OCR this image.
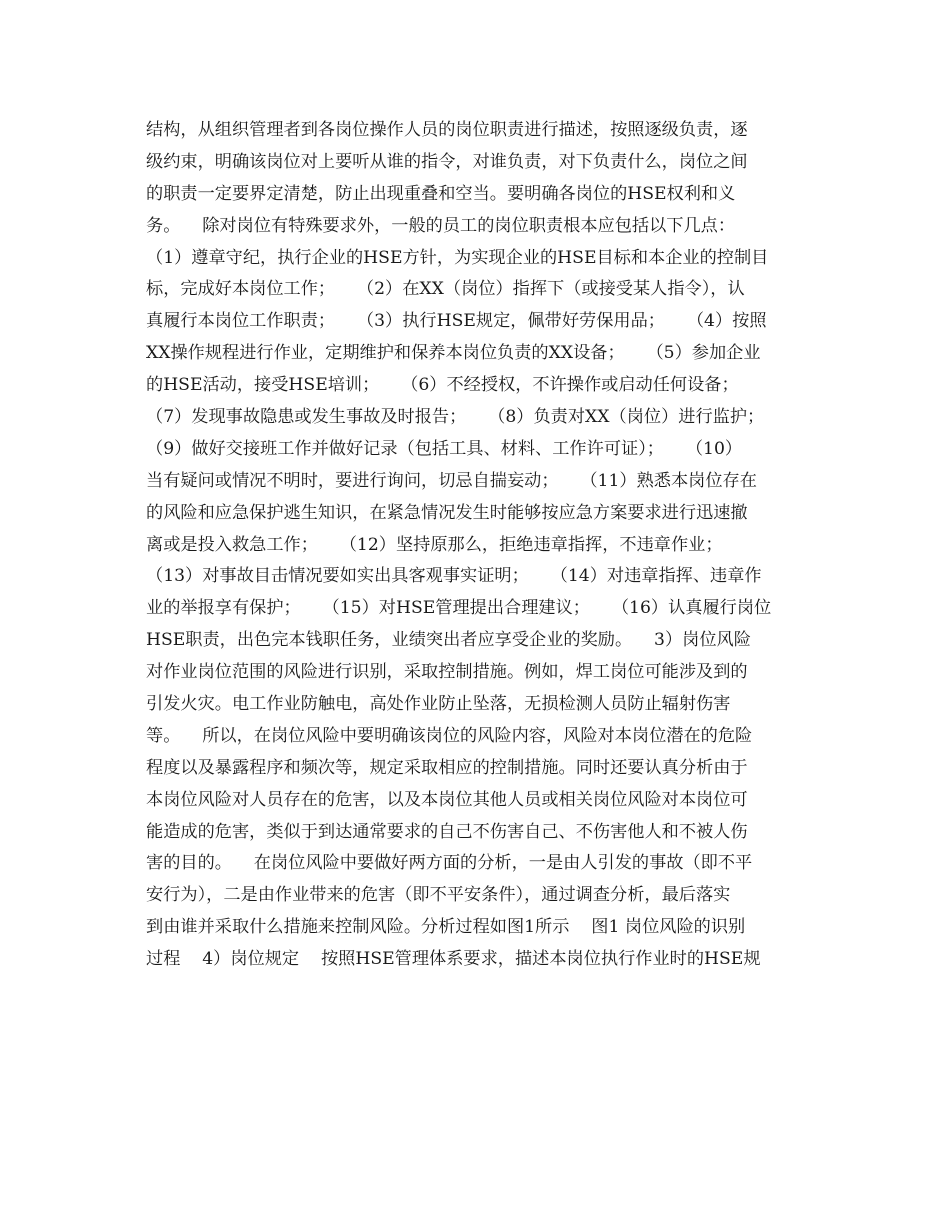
结构，从组织管理者到各岗位操作人员的岗位职责进行描述，按照逐级负责，逐
级约束，明确该岗位对上要听从谁的指令，对谁负责，对下负责什么，岗位之间
的职责一定要界定清楚，防止出现重叠和空当。要明确各岗位的HSE权利和义
务。    除对岗位有特殊要求外，一般的员工的岗位职责根本应包括以下几点：
（1）遵章守纪，执行企业的HSE方针，为实现企业的HSE目标和本企业的控制目
标，完成好本岗位工作；    （2）在XX（岗位）指挥下（或接受某人指令），认
真履行本岗位工作职责；    （3）执行HSE规定，佩带好劳保用品；    （4）按照
XX操作规程进行作业，定期维护和保养本岗位负责的XX设备；    （5）参加企业
的HSE活动，接受HSE培训；    （6）不经授权，不许操作或启动任何设备；
（7）发现事故隐患或发生事故及时报告；    （8）负责对XX（岗位）进行监护；
（9）做好交接班工作并做好记录（包括工具、材料、工作许可证）；    （10）
当有疑问或情况不明时，要进行询问，切忌自揣妄动；    （11）熟悉本岗位存在
的风险和应急保护逃生知识，在紧急情况发生时能够按应急方案要求进行迅速撤
离或是投入救急工作；    （12）坚持原那么，拒绝违章指挥，不违章作业；
（13）对事故目击情况要如实出具客观事实证明；    （14）对违章指挥、违章作
业的举报享有保护；    （15）对HSE管理提出合理建议；    （16）认真履行岗位
HSE职责，出色完本钱职任务，业绩突出者应享受企业的奖励。    3）岗位风险
对作业岗位范围的风险进行识别，采取控制措施。例如，焊工岗位可能涉及到的
引发火灾。电工作业防触电，高处作业防止坠落，无损检测人员防止辐射伤害
等。    所以，在岗位风险中要明确该岗位的风险内容，风险对本岗位潜在的危险
程度以及暴露程序和频次等，规定采取相应的控制措施。同时还要认真分析由于
本岗位风险对人员存在的危害，以及本岗位其他人员或相关岗位风险对本岗位可
能造成的危害，类似于到达通常要求的自己不伤害自己、不伤害他人和不被人伤
害的目的。    在岗位风险中要做好两方面的分析，一是由人引发的事故（即不平
安行为），二是由作业带来的危害（即不平安条件），通过调查分析，最后落实
到由谁并采取什么措施来控制风险。分析过程如图1所示    图1 岗位风险的识别
过程    4）岗位规定    按照HSE管理体系要求，描述本岗位执行作业时的HSE规
